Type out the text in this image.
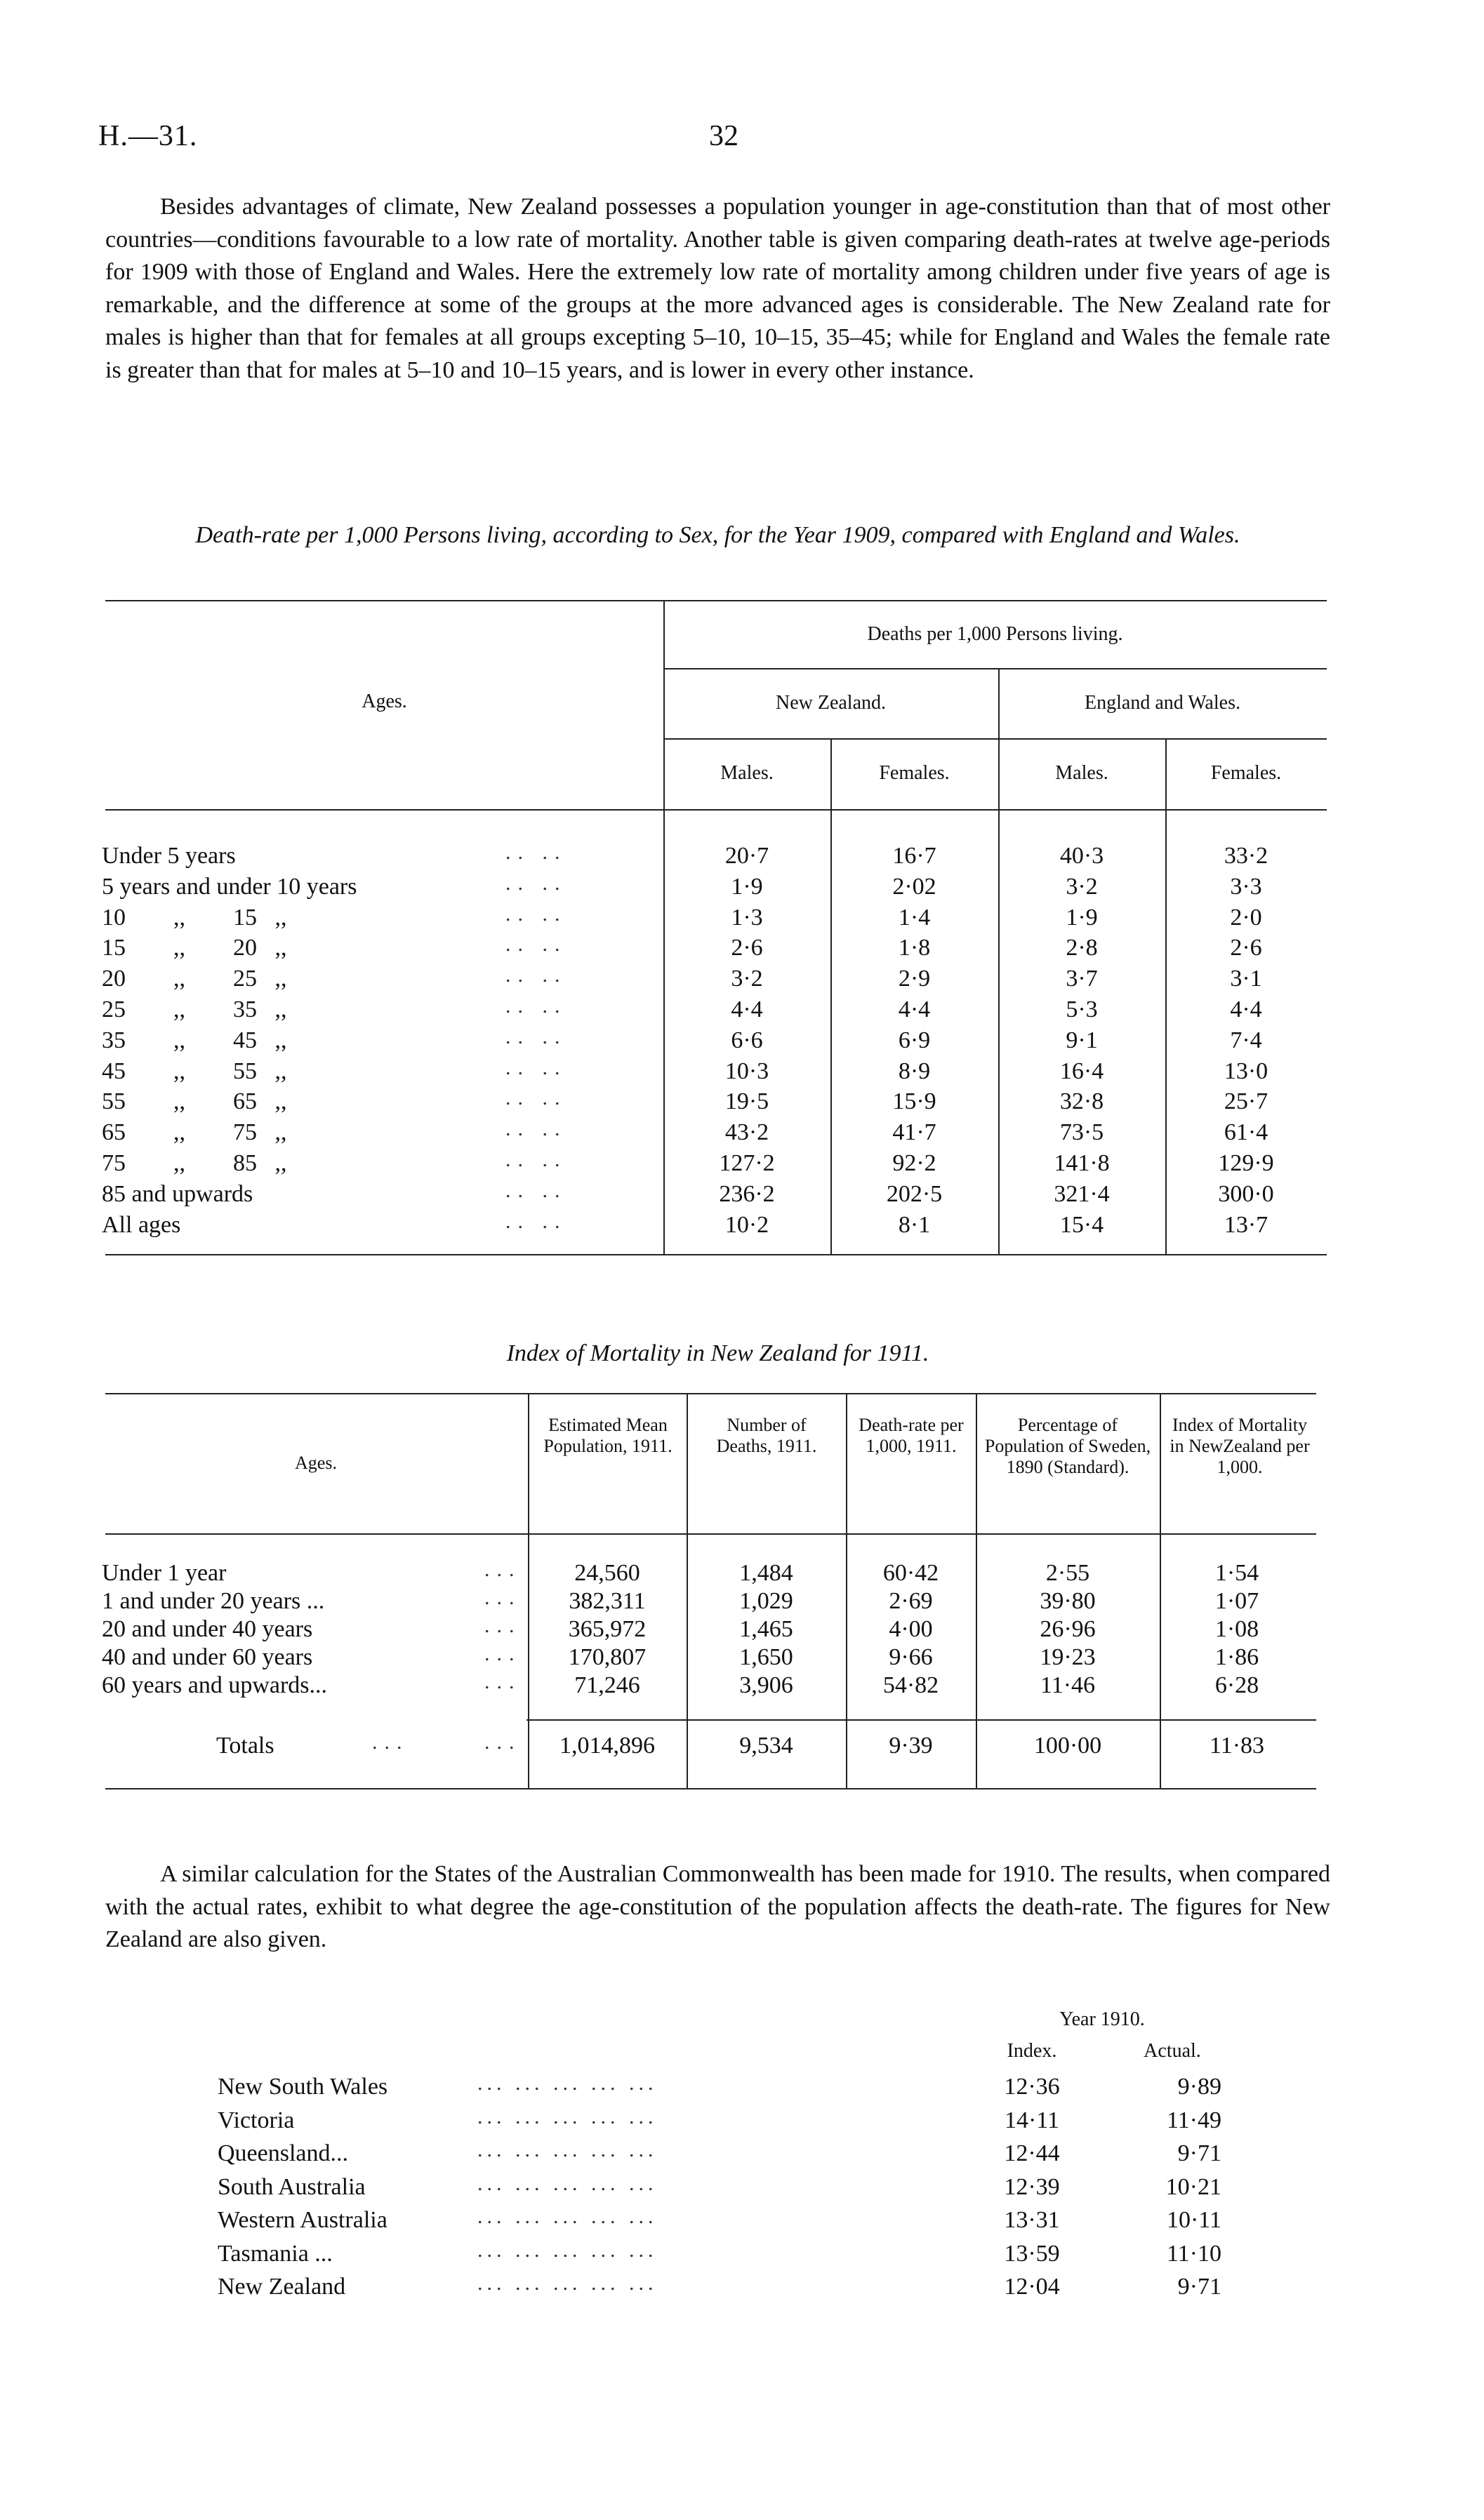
H.—31.	32
Besides advantages of climate, New Zealand possesses a population younger in age-constitution than that of most other countries—conditions favourable to a low rate of mortality. Another table is given comparing death-rates at twelve age-periods for 1909 with those of England and Wales. Here the extremely low rate of mortality among children under five years of age is remarkable, and the difference at some of the groups at the more advanced ages is considerable. The New Zealand rate for males is higher than that for females at all groups excepting 5–10, 10–15, 35–45; while for England and Wales the female rate is greater than that for males at 5–10 and 10–15 years, and is lower in every other instance.
Death-rate per 1,000 Persons living, according to Sex, for the Year 1909, compared with England and Wales.
Ages.
Deaths per 1,000 Persons living.
New Zealand.	England and Wales.
Males.	Females.	Males.	Females.
Under 5 years	.. ..	20·7	16·7	40·3	33·2
5 years and under 10 years	.. ..	1·9	2·02	3·2	3·3
10        ,,        15   ,,	.. ..	1·3	1·4	1·9	2·0
15        ,,        20   ,,	.. ..	2·6	1·8	2·8	2·6
20        ,,        25   ,,	.. ..	3·2	2·9	3·7	3·1
25        ,,        35   ,,	.. ..	4·4	4·4	5·3	4·4
35        ,,        45   ,,	.. ..	6·6	6·9	9·1	7·4
45        ,,        55   ,,	.. ..	10·3	8·9	16·4	13·0
55        ,,        65   ,,	.. ..	19·5	15·9	32·8	25·7
65        ,,        75   ,,	.. ..	43·2	41·7	73·5	61·4
75        ,,        85   ,,	.. ..	127·2	92·2	141·8	129·9
85 and upwards	.. ..	236·2	202·5	321·4	300·0
All ages	.. ..	10·2	8·1	15·4	13·7
Index of Mortality in New Zealand for 1911.
Ages.
Estimated Mean Population, 1911.
Number of Deaths, 1911.
Death-rate per 1,000, 1911.
Percentage of Population of Sweden, 1890 (Standard).
Index of Mortality in NewZealand per 1,000.
Under 1 year	...	24,560	1,484	60·42	2·55	1·54
1 and under 20 years ...	...	382,311	1,029	2·69	39·80	1·07
20 and under 40 years	...	365,972	1,465	4·00	26·96	1·08
40 and under 60 years	...	170,807	1,650	9·66	19·23	1·86
60 years and upwards...	...	71,246	3,906	54·82	11·46	6·28
Totals	...	...	1,014,896	9,534	9·39	100·00	11·83
A similar calculation for the States of the Australian Commonwealth has been made for 1910. The results, when compared with the actual rates, exhibit to what degree the age-constitution of the population affects the death-rate. The figures for New Zealand are also given.
Year 1910.
Index.	Actual.
New South Wales	... ... ... ... ...	12·36	9·89
Victoria	... ... ... ... ...	14·11	11·49
Queensland...	... ... ... ... ...	12·44	9·71
South Australia	... ... ... ... ...	12·39	10·21
Western Australia	... ... ... ... ...	13·31	10·11
Tasmania ...	... ... ... ... ...	13·59	11·10
New Zealand	... ... ... ... ...	12·04	9·71
